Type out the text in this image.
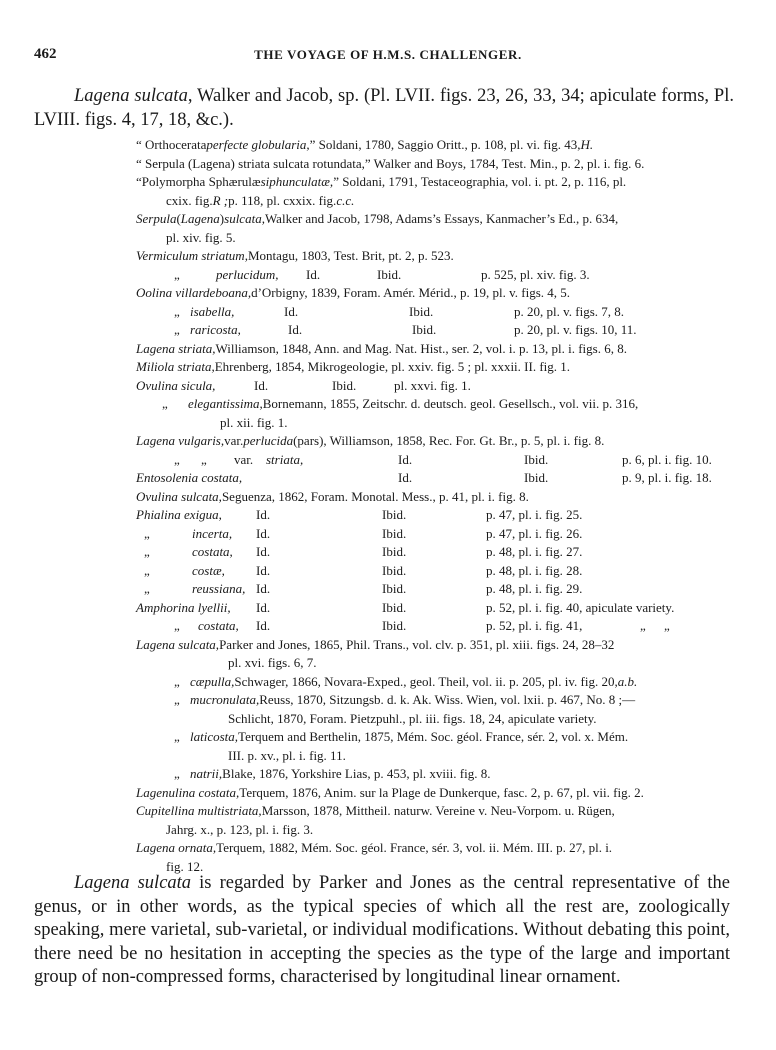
462	THE VOYAGE OF H.M.S. CHALLENGER.
Lagena sulcata, Walker and Jacob, sp. (Pl. LVII. figs. 23, 26, 33, 34; apiculate forms, Pl. LVIII. figs. 4, 17, 18, &c.).
“ Orthocerata perfecte globularia, ” Soldani, 1780, Saggio Oritt., p. 108, pl. vi. fig. 43, H.
“ Serpula (Lagena) striata sulcata rotundata,” Walker and Boys, 1784, Test. Min., p. 2, pl. i. fig. 6.
“Polymorpha Sphærulæ siphunculatæ, ” Soldani, 1791, Testaceographia, vol. i. pt. 2, p. 116, pl.
cxix. fig. R ; p. 118, pl. cxxix. fig. c.c.
Serpula ( Lagena ) sulcata, Walker and Jacob, 1798, Adams’s Essays, Kanmacher’s Ed., p. 634,
pl. xiv. fig. 5.
Vermiculum striatum, Montagu, 1803, Test. Brit, pt. 2, p. 523.
„	perlucidum, Id.	Ibid.	p. 525, pl. xiv. fig. 3.
Oolina villardeboana, d’Orbigny, 1839, Foram. Amér. Mérid., p. 19, pl. v. figs. 4, 5.
„ isabella,	Id.	Ibid.	p. 20, pl. v. figs. 7, 8.
„ raricosta,	Id.	Ibid.	p. 20, pl. v. figs. 10, 11.
Lagena striata, Williamson, 1848, Ann. and Mag. Nat. Hist., ser. 2, vol. i. p. 13, pl. i. figs. 6, 8.
Miliola striata, Ehrenberg, 1854, Mikrogeologie, pl. xxiv. fig. 5 ; pl. xxxii. II. fig. 1.
Ovulina sicula,	Id.	Ibid.	pl. xxvi. fig. 1.
„ elegantissima, Bornemann, 1855, Zeitschr. d. deutsch. geol. Gesellsch., vol. vii. p. 316,
pl. xii. fig. 1.
Lagena vulgaris, var. perlucida (pars), Williamson, 1858, Rec. For. Gt. Br., p. 5, pl. i. fig. 8.
„ „ var. striata,	Id.	Ibid.	p. 6, pl. i. fig. 10.
Entosolenia costata,	Id.	Ibid.	p. 9, pl. i. fig. 18.
Ovulina sulcata, Seguenza, 1862, Foram. Monotal. Mess., p. 41, pl. i. fig. 8.
Phialina exigua,	Id.	Ibid.	p. 47, pl. i. fig. 25.
„	incerta, Id.	Ibid.	p. 47, pl. i. fig. 26.
„	costata, Id.	Ibid.	p. 48, pl. i. fig. 27.
„	costæ, Id.	Ibid.	p. 48, pl. i. fig. 28.
„	reussiana, Id.	Ibid.	p. 48, pl. i. fig. 29.
Amphorina lyellii, Id.	Ibid.	p. 52, pl. i. fig. 40, apiculate variety.
„ costata, Id.	Ibid.	p. 52, pl. i. fig. 41,	„ „
Lagena sulcata, Parker and Jones, 1865, Phil. Trans., vol. clv. p. 351, pl. xiii. figs. 24, 28–32
pl. xvi. figs. 6, 7.
„ cæpulla, Schwager, 1866, Novara-Exped., geol. Theil, vol. ii. p. 205, pl. iv. fig. 20, a.b.
„ mucronulata, Reuss, 1870, Sitzungsb. d. k. Ak. Wiss. Wien, vol. lxii. p. 467, No. 8 ;—
Schlicht, 1870, Foram. Pietzpuhl., pl. iii. figs. 18, 24, apiculate variety.
„ laticosta, Terquem and Berthelin, 1875, Mém. Soc. géol. France, sér. 2, vol. x. Mém.
III. p. xv., pl. i. fig. 11.
„ natrii, Blake, 1876, Yorkshire Lias, p. 453, pl. xviii. fig. 8.
Lagenulina costata, Terquem, 1876, Anim. sur la Plage de Dunkerque, fasc. 2, p. 67, pl. vii. fig. 2.
Cupitellina multistriata, Marsson, 1878, Mittheil. naturw. Vereine v. Neu-Vorpom. u. Rügen,
Jahrg. x., p. 123, pl. i. fig. 3.
Lagena ornata, Terquem, 1882, Mém. Soc. géol. France, sér. 3, vol. ii. Mém. III. p. 27, pl. i.
fig. 12.
Lagena sulcata is regarded by Parker and Jones as the central representative of the genus, or in other words, as the typical species of which all the rest are, zoologically speaking, mere varietal, sub-varietal, or individual modifications. Without debating this point, there need be no hesitation in accepting the species as the type of the large and important group of non-compressed forms, characterised by longitudinal linear ornament.
